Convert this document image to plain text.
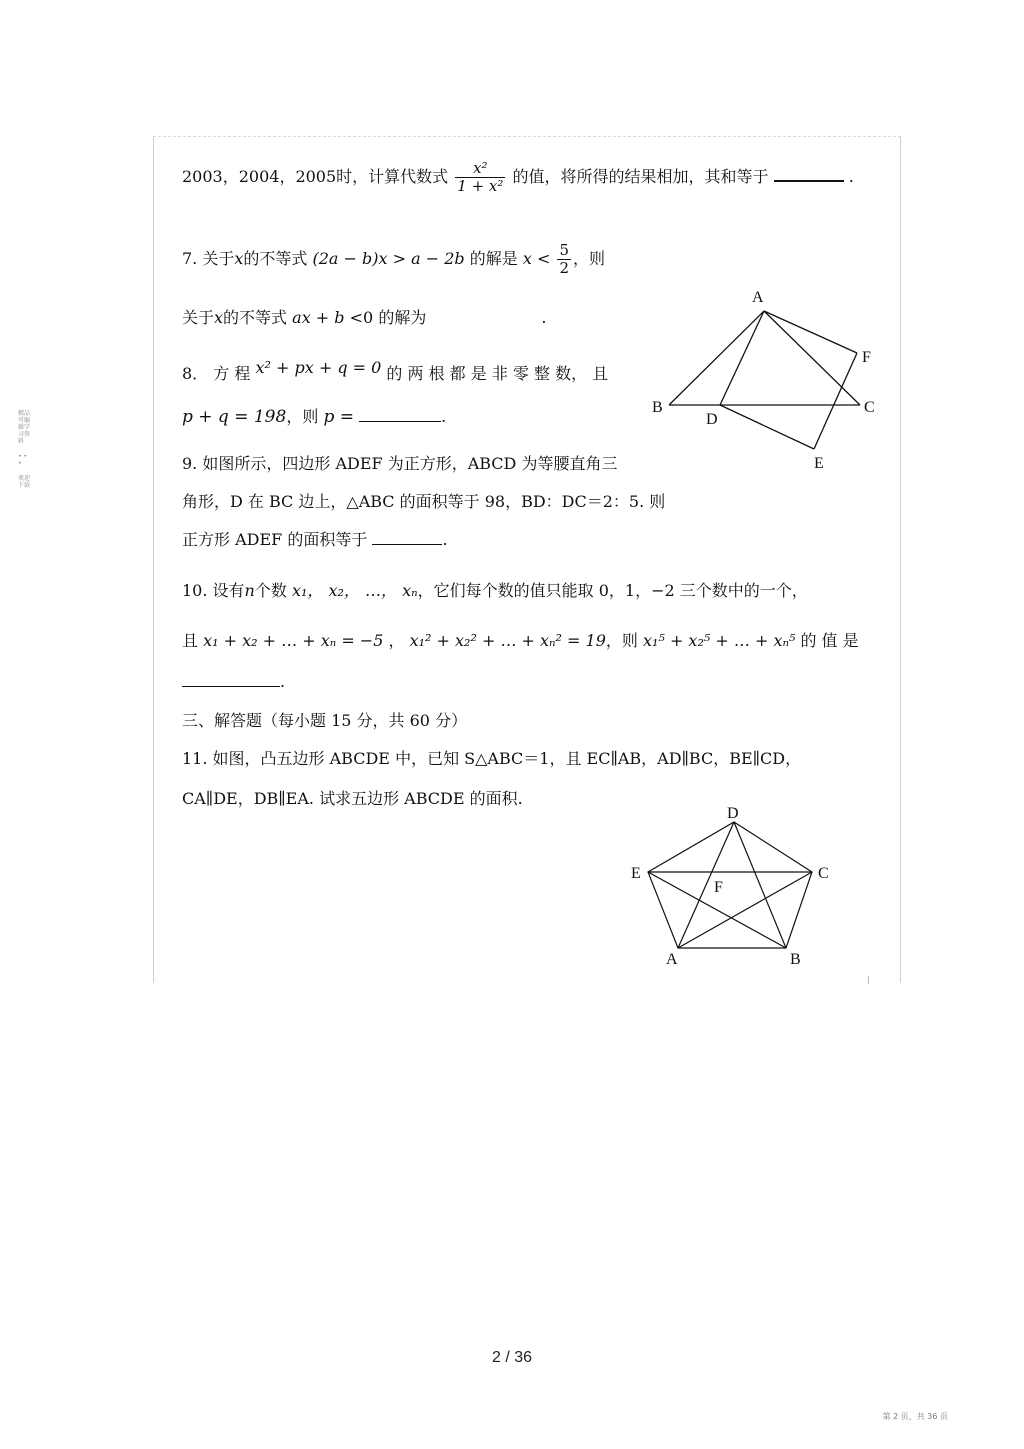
精品可编辑学习资料
• • •
欢迎下载
2003，2004，2005时，计算代数式 $\frac{\text{x²}}{\text{1 + x²}}$ 的值，将所得的结果相加，其和等于	.
7. 关于x的不等式 (2a − b)x > a − 2b 的解是 $x < \frac{5}{2}$ ，则
关于x的不等式 ax + b <0 的解为	.
8． 方 程 x² + px + q = 0 的 两 根 都 是 非 零 整 数， 且
p + q = 198，则 p =	.
A
B	C
D
E
F
9. 如图所示，四边形 ADEF 为正方形，ABCD 为等腰直角三
角形，D 在 BC 边上，△ABC 的面积等于 98，BD：DC＝2：5. 则
正方形 ADEF 的面积等于	.
10. 设有n个数 x₁， x₂， …， xₙ，它们每个数的值只能取 0，1，−2 三个数中的一个，
且 x₁ + x₂ + … + xₙ = −5 ， x₁² + x₂² + … + xₙ² = 19，则 x₁⁵ + x₂⁵ + … + xₙ⁵ 的 值 是
.
三、解答题（每小题 15 分，共 60 分）
11. 如图，凸五边形 ABCDE 中，已知 S△ABC＝1，且 EC∥AB，AD∥BC，BE∥CD，
CA∥DE，DB∥EA. 试求五边形 ABCDE 的面积.
D
C
B
A
E
F
2 / 36
第 2 页，共 36 页
